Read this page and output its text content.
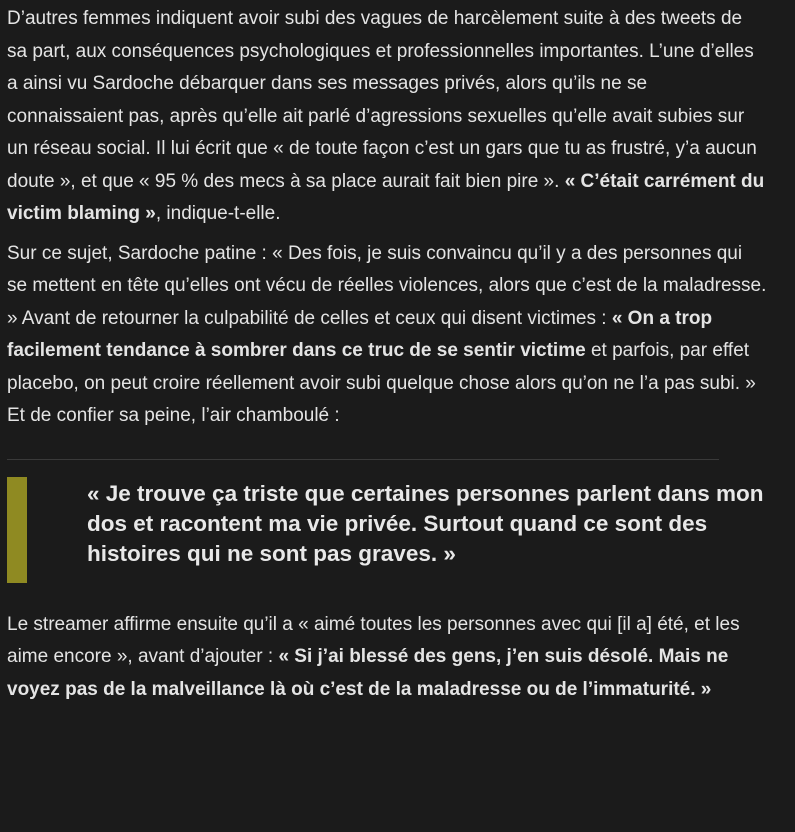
D’autres femmes indiquent avoir subi des vagues de harcèlement suite à des tweets de sa part, aux conséquences psychologiques et professionnelles importantes. L’une d’elles a ainsi vu Sardoche débarquer dans ses messages privés, alors qu’ils ne se connaissaient pas, après qu’elle ait parlé d’agressions sexuelles qu’elle avait subies sur un réseau social. Il lui écrit que « de toute façon c’est un gars que tu as frustré, y’a aucun doute », et que « 95 % des mecs à sa place aurait fait bien pire ». « C’était carrément du victim blaming », indique-t-elle.

Sur ce sujet, Sardoche patine : « Des fois, je suis convaincu qu’il y a des personnes qui se mettent en tête qu’elles ont vécu de réelles violences, alors que c’est de la maladresse. » Avant de retourner la culpabilité de celles et ceux qui disent victimes : « On a trop facilement tendance à sombrer dans ce truc de se sentir victime et parfois, par effet placebo, on peut croire réellement avoir subi quelque chose alors qu’on ne l’a pas subi. » Et de confier sa peine, l’air chamboulé :

« Je trouve ça triste que certaines personnes parlent dans mon dos et racontent ma vie privée. Surtout quand ce sont des histoires qui ne sont pas graves. »

Le streamer affirme ensuite qu’il a « aimé toutes les personnes avec qui [il a] été, et les aime encore », avant d’ajouter : « Si j’ai blessé des gens, j’en suis désolé. Mais ne voyez pas de la malveillance là où c’est de la maladresse ou de l’immaturité. »
